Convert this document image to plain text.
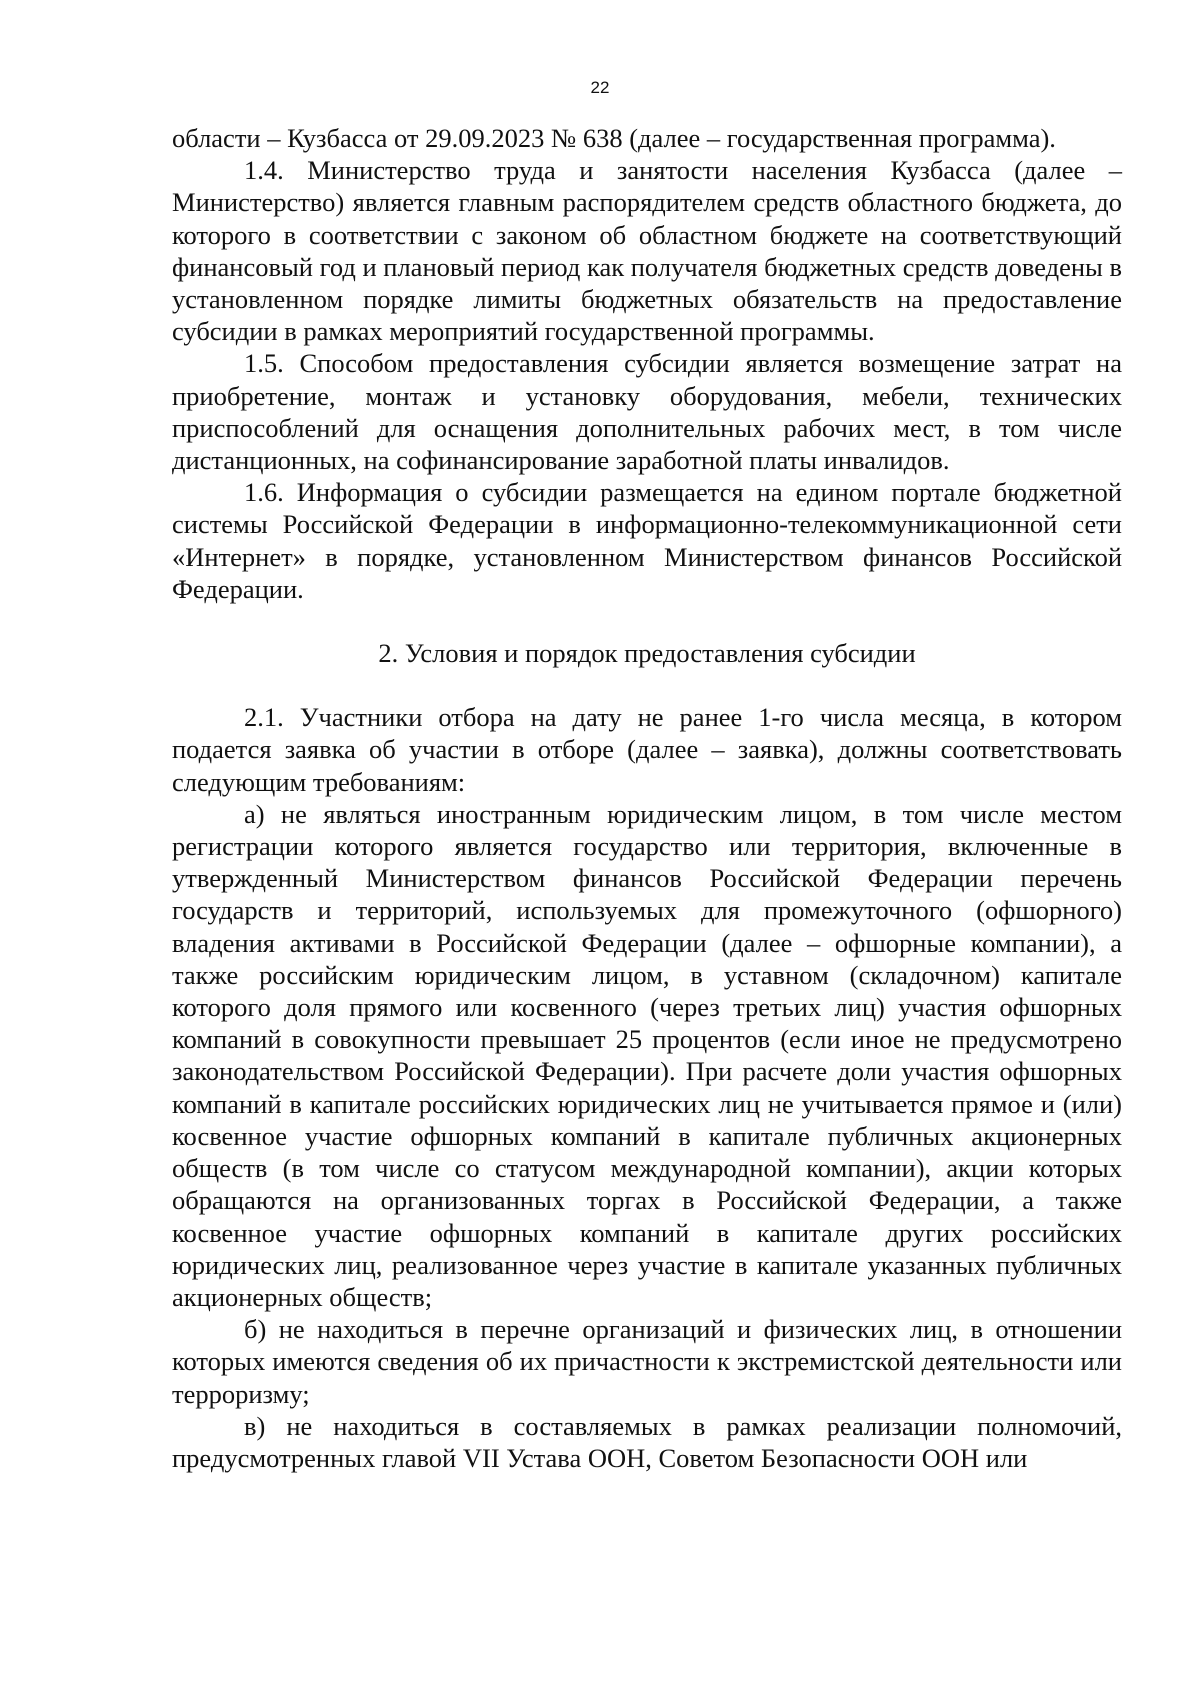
22

области – Кузбасса от 29.09.2023 № 638 (далее – государственная программа).

1.4. Министерство труда и занятости населения Кузбасса (далее – Министерство) является главным распорядителем средств областного бюджета, до которого в соответствии с законом об областном бюджете на соответствующий финансовый год и плановый период как получателя бюджетных средств доведены в установленном порядке лимиты бюджетных обязательств на предоставление субсидии в рамках мероприятий государственной программы.

1.5. Способом предоставления субсидии является возмещение затрат на приобретение, монтаж и установку оборудования, мебели, технических приспособлений для оснащения дополнительных рабочих мест, в том числе дистанционных, на софинансирование заработной платы инвалидов.

1.6. Информация о субсидии размещается на едином портале бюджетной системы Российской Федерации в информационно-телекоммуникационной сети «Интернет» в порядке, установленном Министерством финансов Российской Федерации.

2. Условия и порядок предоставления субсидии

2.1. Участники отбора на дату не ранее 1-го числа месяца, в котором подается заявка об участии в отборе (далее – заявка), должны соответствовать следующим требованиям:

а) не являться иностранным юридическим лицом, в том числе местом регистрации которого является государство или территория, включенные в утвержденный Министерством финансов Российской Федерации перечень государств и территорий, используемых для промежуточного (офшорного) владения активами в Российской Федерации (далее – офшорные компании), а также российским юридическим лицом, в уставном (складочном) капитале которого доля прямого или косвенного (через третьих лиц) участия офшорных компаний в совокупности превышает 25 процентов (если иное не предусмотрено законодательством Российской Федерации). При расчете доли участия офшорных компаний в капитале российских юридических лиц не учитывается прямое и (или) косвенное участие офшорных компаний в капитале публичных акционерных обществ (в том числе со статусом международной компании), акции которых обращаются на организованных торгах в Российской Федерации, а также косвенное участие офшорных компаний в капитале других российских юридических лиц, реализованное через участие в капитале указанных публичных акционерных обществ;

б) не находиться в перечне организаций и физических лиц, в отношении которых имеются сведения об их причастности к экстремистской деятельности или терроризму;

в) не находиться в составляемых в рамках реализации полномочий, предусмотренных главой VII Устава ООН, Советом Безопасности ООН или
